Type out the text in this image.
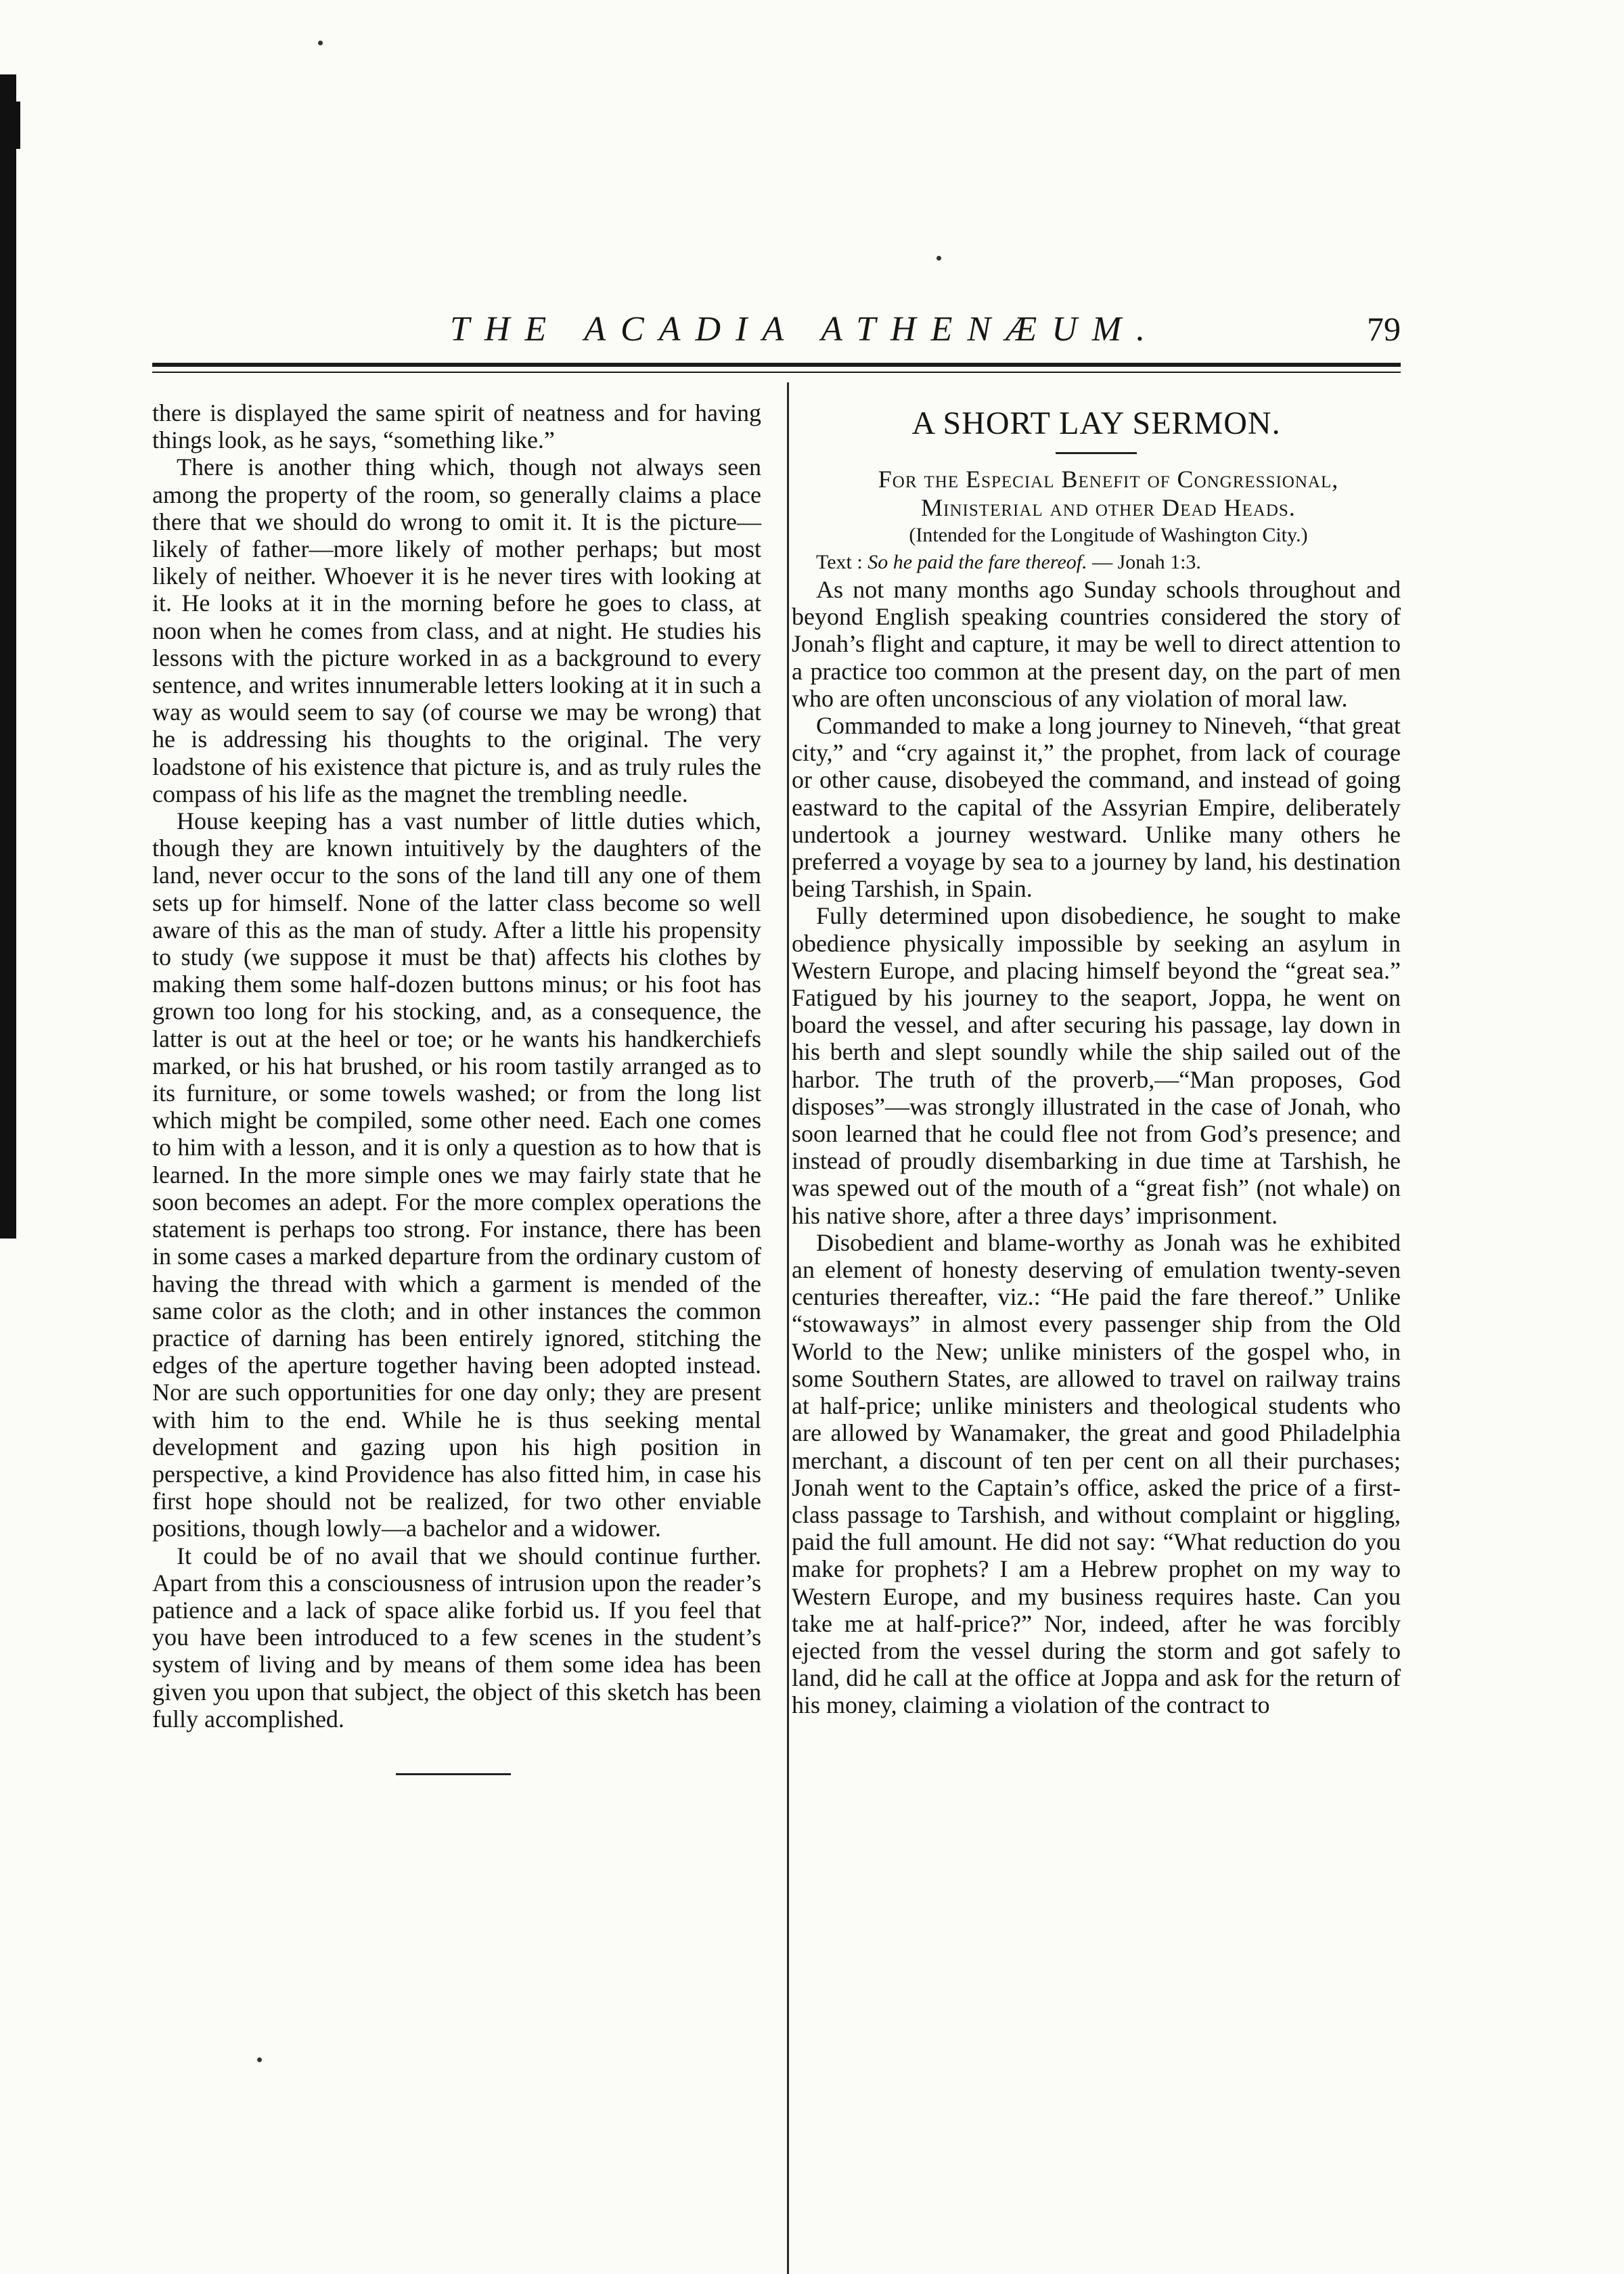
THE ACADIA ATHENÆUM.	79

there is displayed the same spirit of neatness and for having things look, as he says, “something like.”

There is another thing which, though not always seen among the property of the room, so generally claims a place there that we should do wrong to omit it. It is the picture—likely of father—more likely of mother perhaps; but most likely of neither. Whoever it is he never tires with looking at it. He looks at it in the morning before he goes to class, at noon when he comes from class, and at night. He studies his lessons with the picture worked in as a background to every sentence, and writes innumerable letters looking at it in such a way as would seem to say (of course we may be wrong) that he is addressing his thoughts to the original. The very loadstone of his existence that picture is, and as truly rules the compass of his life as the magnet the trembling needle.

House keeping has a vast number of little duties which, though they are known intuitively by the daughters of the land, never occur to the sons of the land till any one of them sets up for himself. None of the latter class become so well aware of this as the man of study. After a little his propensity to study (we suppose it must be that) affects his clothes by making them some half-dozen buttons minus; or his foot has grown too long for his stocking, and, as a consequence, the latter is out at the heel or toe; or he wants his handkerchiefs marked, or his hat brushed, or his room tastily arranged as to its furniture, or some towels washed; or from the long list which might be compiled, some other need. Each one comes to him with a lesson, and it is only a question as to how that is learned. In the more simple ones we may fairly state that he soon becomes an adept. For the more complex operations the statement is perhaps too strong. For instance, there has been in some cases a marked departure from the ordinary custom of having the thread with which a garment is mended of the same color as the cloth; and in other instances the common practice of darning has been entirely ignored, stitching the edges of the aperture together having been adopted instead. Nor are such opportunities for one day only; they are present with him to the end. While he is thus seeking mental development and gazing upon his high position in perspective, a kind Providence has also fitted him, in case his first hope should not be realized, for two other enviable positions, though lowly—a bachelor and a widower.

It could be of no avail that we should continue further. Apart from this a consciousness of intrusion upon the reader’s patience and a lack of space alike forbid us. If you feel that you have been introduced to a few scenes in the student’s system of living and by means of them some idea has been given you upon that subject, the object of this sketch has been fully accomplished.

A SHORT LAY SERMON.

For the Especial Benefit of Congressional,

Ministerial and other Dead Heads.

(Intended for the Longitude of Washington City.)

Text : So he paid the fare thereof. — Jonah 1:3.

As not many months ago Sunday schools throughout and beyond English speaking countries considered the story of Jonah’s flight and capture, it may be well to direct attention to a practice too common at the present day, on the part of men who are often unconscious of any violation of moral law.

Commanded to make a long journey to Nineveh, “that great city,” and “cry against it,” the prophet, from lack of courage or other cause, disobeyed the command, and instead of going eastward to the capital of the Assyrian Empire, deliberately undertook a journey westward. Unlike many others he preferred a voyage by sea to a journey by land, his destination being Tarshish, in Spain.

Fully determined upon disobedience, he sought to make obedience physically impossible by seeking an asylum in Western Europe, and placing himself beyond the “great sea.” Fatigued by his journey to the seaport, Joppa, he went on board the vessel, and after securing his passage, lay down in his berth and slept soundly while the ship sailed out of the harbor. The truth of the proverb,—“Man proposes, God disposes”—was strongly illustrated in the case of Jonah, who soon learned that he could flee not from God’s presence; and instead of proudly disembarking in due time at Tarshish, he was spewed out of the mouth of a “great fish” (not whale) on his native shore, after a three days’ imprisonment.

Disobedient and blame-worthy as Jonah was he exhibited an element of honesty deserving of emulation twenty-seven centuries thereafter, viz.: “He paid the fare thereof.” Unlike “stowaways” in almost every passenger ship from the Old World to the New; unlike ministers of the gospel who, in some Southern States, are allowed to travel on railway trains at half-price; unlike ministers and theological students who are allowed by Wanamaker, the great and good Philadelphia merchant, a discount of ten per cent on all their purchases; Jonah went to the Captain’s office, asked the price of a first-class passage to Tarshish, and without complaint or higgling, paid the full amount. He did not say: “What reduction do you make for prophets? I am a Hebrew prophet on my way to Western Europe, and my business requires haste. Can you take me at half-price?” Nor, indeed, after he was forcibly ejected from the vessel during the storm and got safely to land, did he call at the office at Joppa and ask for the return of his money, claiming a violation of the contract to
